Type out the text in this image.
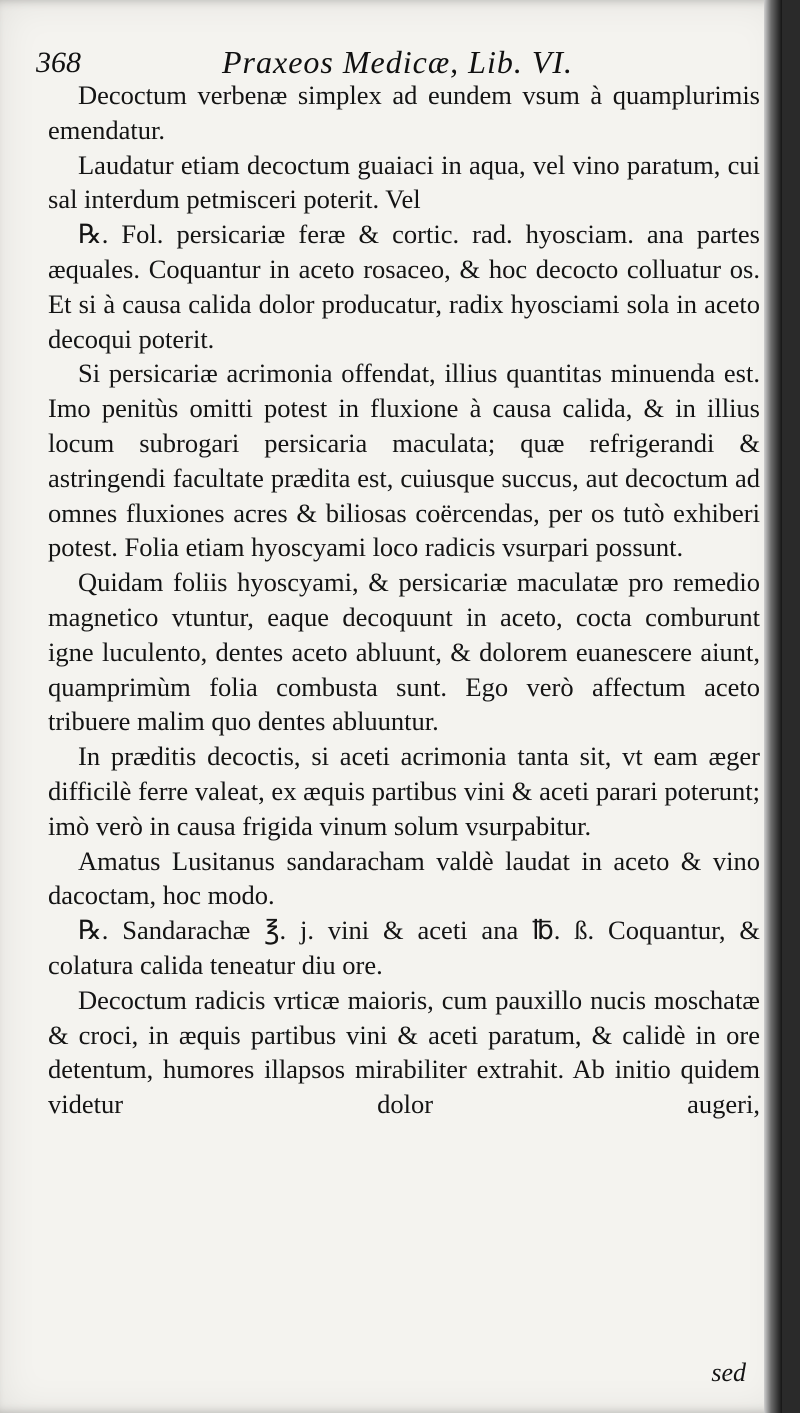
368	Praxeos Medicæ, Lib. VI.

Decoctum verbenæ simplex ad eundem vsum à quamplurimis emendatur.

Laudatur etiam decoctum guaiaci in aqua, vel vino paratum, cui sal interdum petmisceri poterit. Vel

℞. Fol. persicariæ feræ & cortic. rad. hyosciam. ana partes æquales. Coquantur in aceto rosaceo, & hoc decocto colluatur os. Et si à causa calida dolor producatur, radix hyosciami sola in aceto decoqui poterit.

Si persicariæ acrimonia offendat, illius quantitas minuenda est. Imo penitùs omitti potest in fluxione à causa calida, & in illius locum subrogari persicaria maculata; quæ refrigerandi & astringendi facultate prædita est, cuiusque succus, aut decoctum ad omnes fluxiones acres & biliosas coërcendas, per os tutò exhiberi potest. Folia etiam hyoscyami loco radicis vsurpari possunt.

Quidam foliis hyoscyami, & persicariæ maculatæ pro remedio magnetico vtuntur, eaque decoquunt in aceto, cocta comburunt igne luculento, dentes aceto abluunt, & dolorem euanescere aiunt, quamprimùm folia combusta sunt. Ego verò affectum aceto tribuere malim quo dentes abluuntur.

In præditis decoctis, si aceti acrimonia tanta sit, vt eam æger difficilè ferre valeat, ex æquis partibus vini & aceti parari poterunt; imò verò in causa frigida vinum solum vsurpabitur.

Amatus Lusitanus sandaracham valdè laudat in aceto & vino dacoctam, hoc modo.

℞. Sandarachæ ℥. j. vini & aceti ana ℔. ß. Coquantur, & colatura calida teneatur diu ore.

Decoctum radicis vrticæ maioris, cum pauxillo nucis moschatæ & croci, in æquis partibus vini & aceti paratum, & calidè in ore detentum, humores illapsos mirabiliter extrahit. Ab initio quidem videtur dolor augeri,

sed
